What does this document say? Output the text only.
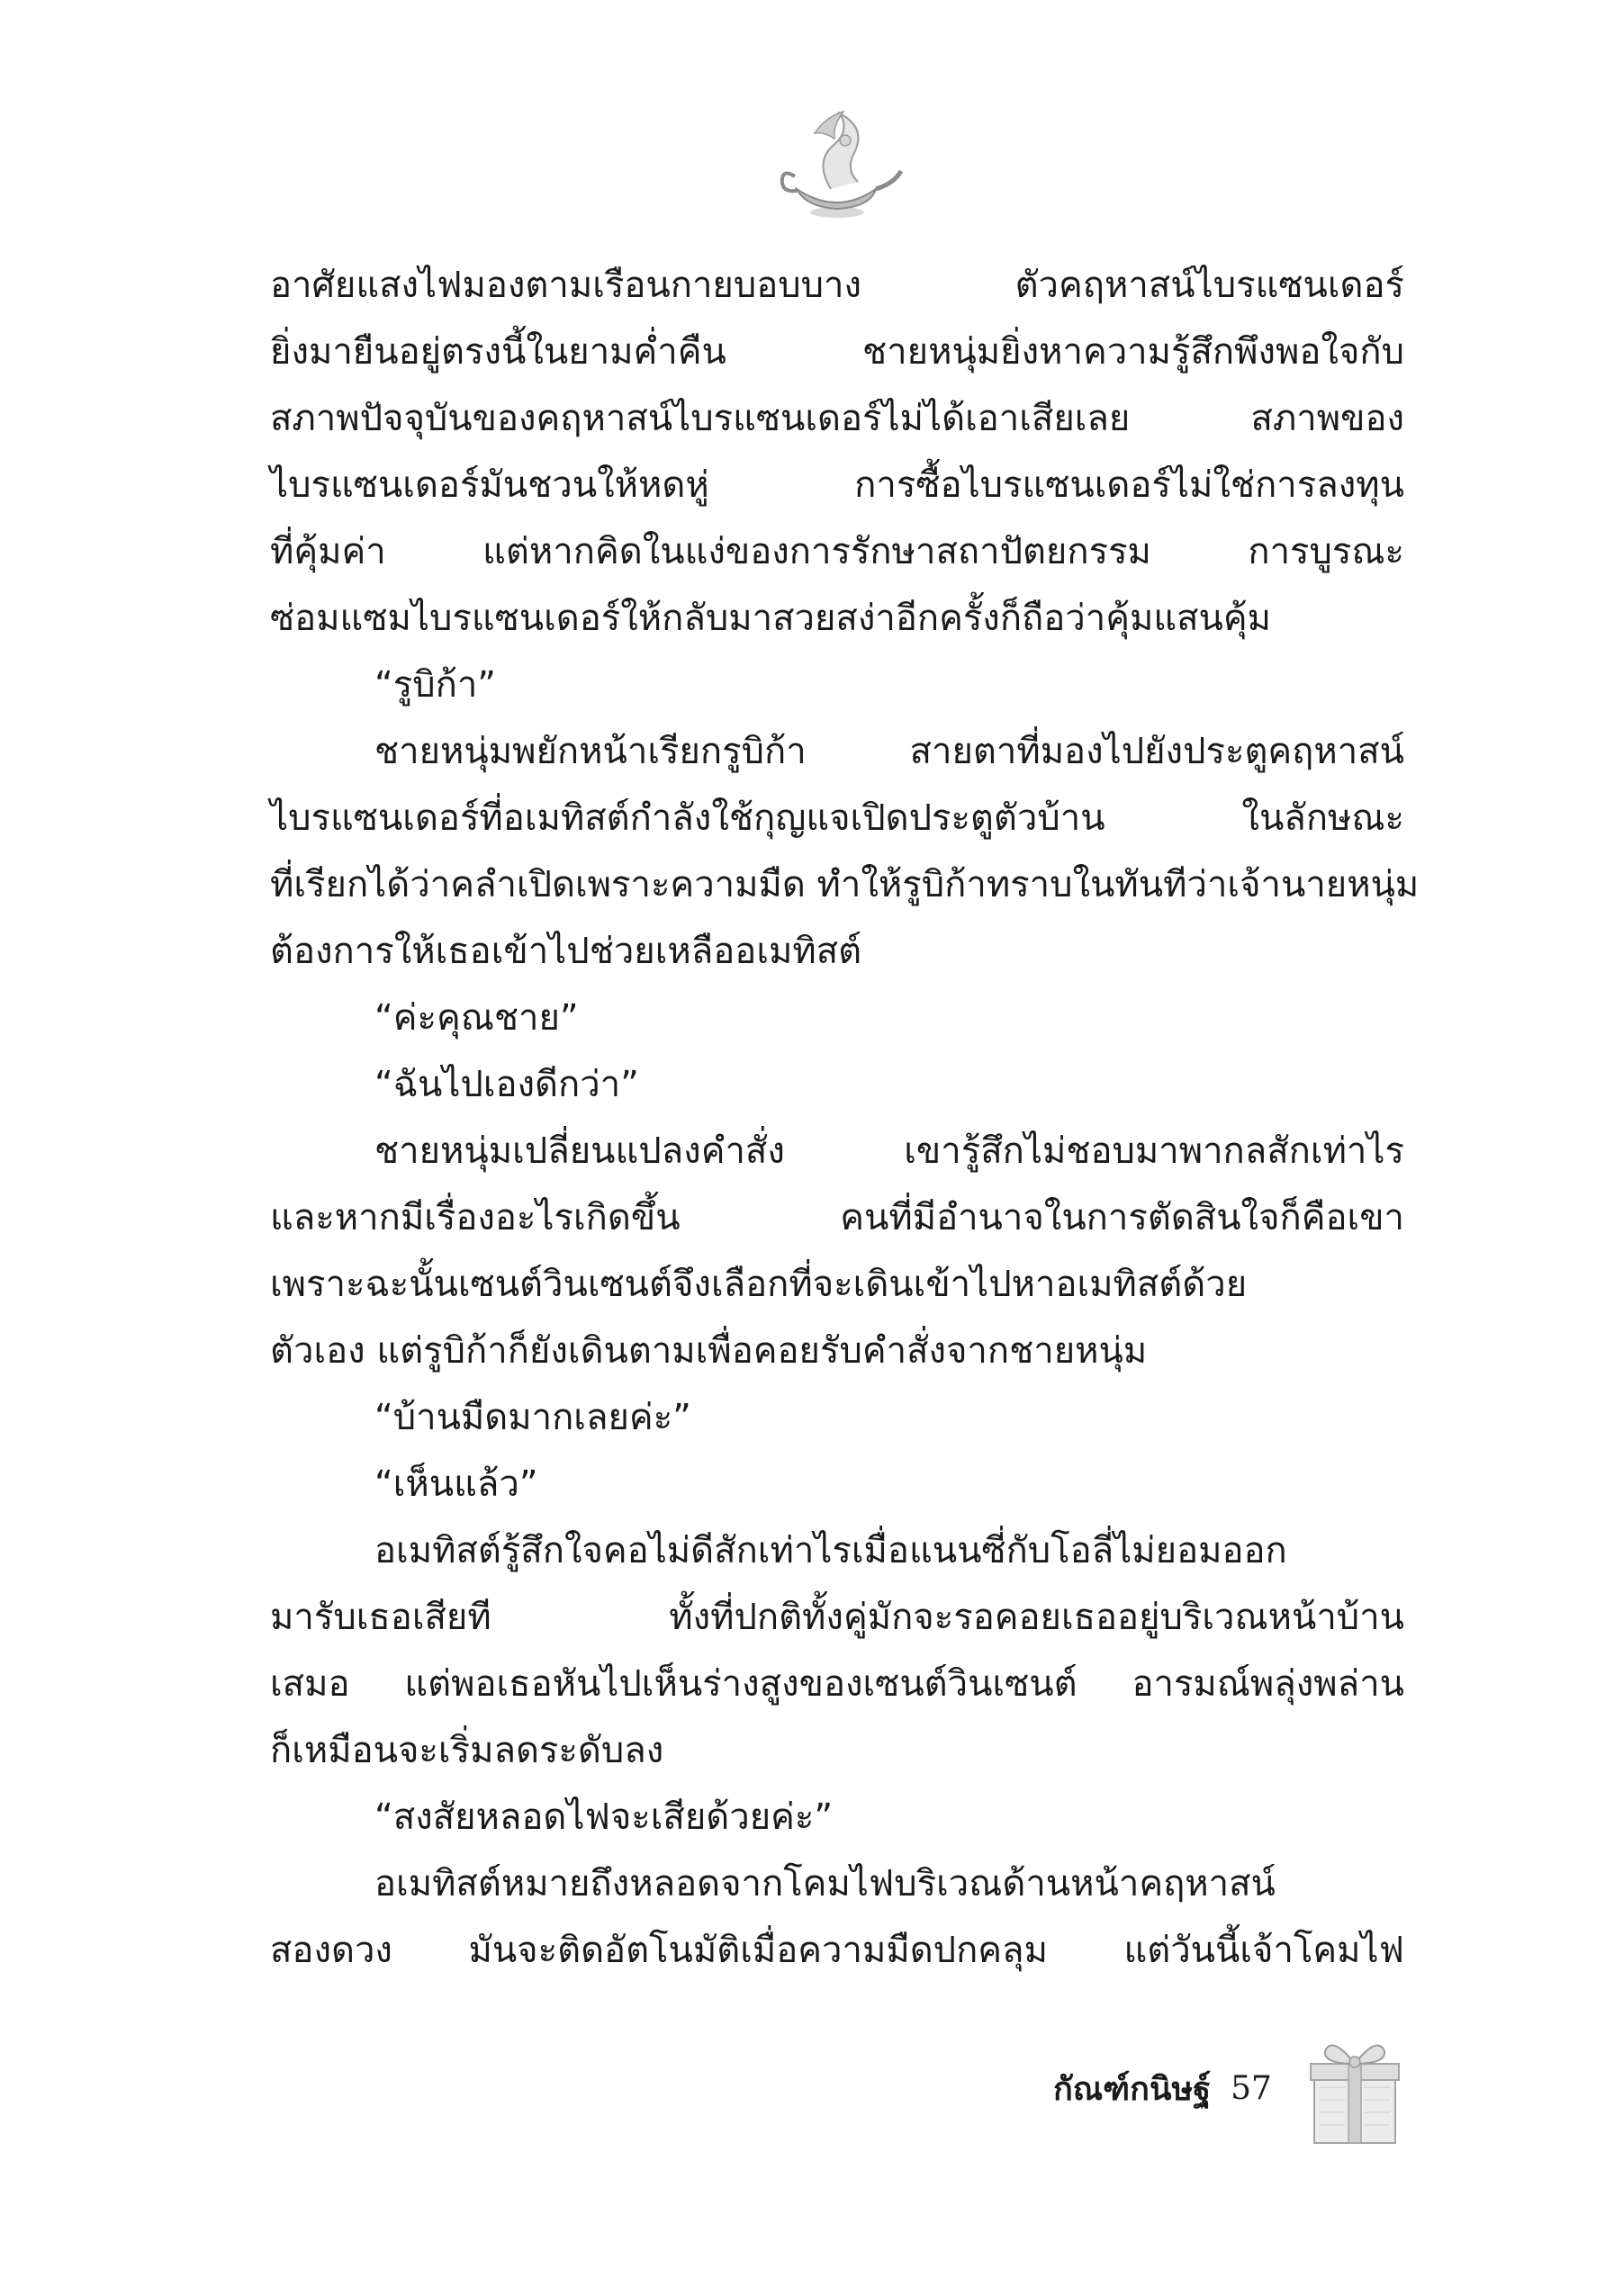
อาศัยแสงไฟมองตามเรือนกายบอบบาง ตัวคฤหาสน์ไบรแซนเดอร์
ยิ่งมายืนอยู่ตรงนี้ในยามค่ำคืน ชายหนุ่มยิ่งหาความรู้สึกพึงพอใจกับ
สภาพปัจจุบันของคฤหาสน์ไบรแซนเดอร์ไม่ได้เอาเสียเลย สภาพของ
ไบรแซนเดอร์มันชวนให้หดหู่ การซื้อไบรแซนเดอร์ไม่ใช่การลงทุน
ที่คุ้มค่า แต่หากคิดในแง่ของการรักษาสถาปัตยกรรม การบูรณะ
ซ่อมแซมไบรแซนเดอร์ให้กลับมาสวยสง่าอีกครั้งก็ถือว่าคุ้มแสนคุ้ม
“รูบิก้า”
ชายหนุ่มพยักหน้าเรียกรูบิก้า สายตาที่มองไปยังประตูคฤหาสน์
ไบรแซนเดอร์ที่อเมทิสต์กำลังใช้กุญแจเปิดประตูตัวบ้าน ในลักษณะ
ที่เรียกได้ว่าคลำเปิดเพราะความมืด ทำให้รูบิก้าทราบในทันทีว่าเจ้านายหนุ่ม
ต้องการให้เธอเข้าไปช่วยเหลืออเมทิสต์
“ค่ะคุณชาย”
“ฉันไปเองดีกว่า”
ชายหนุ่มเปลี่ยนแปลงคำสั่ง เขารู้สึกไม่ชอบมาพากลสักเท่าไร
และหากมีเรื่องอะไรเกิดขึ้น คนที่มีอำนาจในการตัดสินใจก็คือเขา
เพราะฉะนั้นเซนต์วินเซนต์จึงเลือกที่จะเดินเข้าไปหาอเมทิสต์ด้วย
ตัวเอง แต่รูบิก้าก็ยังเดินตามเพื่อคอยรับคำสั่งจากชายหนุ่ม
“บ้านมืดมากเลยค่ะ”
“เห็นแล้ว”
อเมทิสต์รู้สึกใจคอไม่ดีสักเท่าไรเมื่อแนนซี่กับโอลี่ไม่ยอมออก
มารับเธอเสียที ทั้งที่ปกติทั้งคู่มักจะรอคอยเธออยู่บริเวณหน้าบ้าน
เสมอ แต่พอเธอหันไปเห็นร่างสูงของเซนต์วินเซนต์ อารมณ์พลุ่งพล่าน
ก็เหมือนจะเริ่มลดระดับลง
“สงสัยหลอดไฟจะเสียด้วยค่ะ”
อเมทิสต์หมายถึงหลอดจากโคมไฟบริเวณด้านหน้าคฤหาสน์
สองดวง มันจะติดอัตโนมัติเมื่อความมืดปกคลุม แต่วันนี้เจ้าโคมไฟ
กัณฑ์กนิษฐ์ 57
